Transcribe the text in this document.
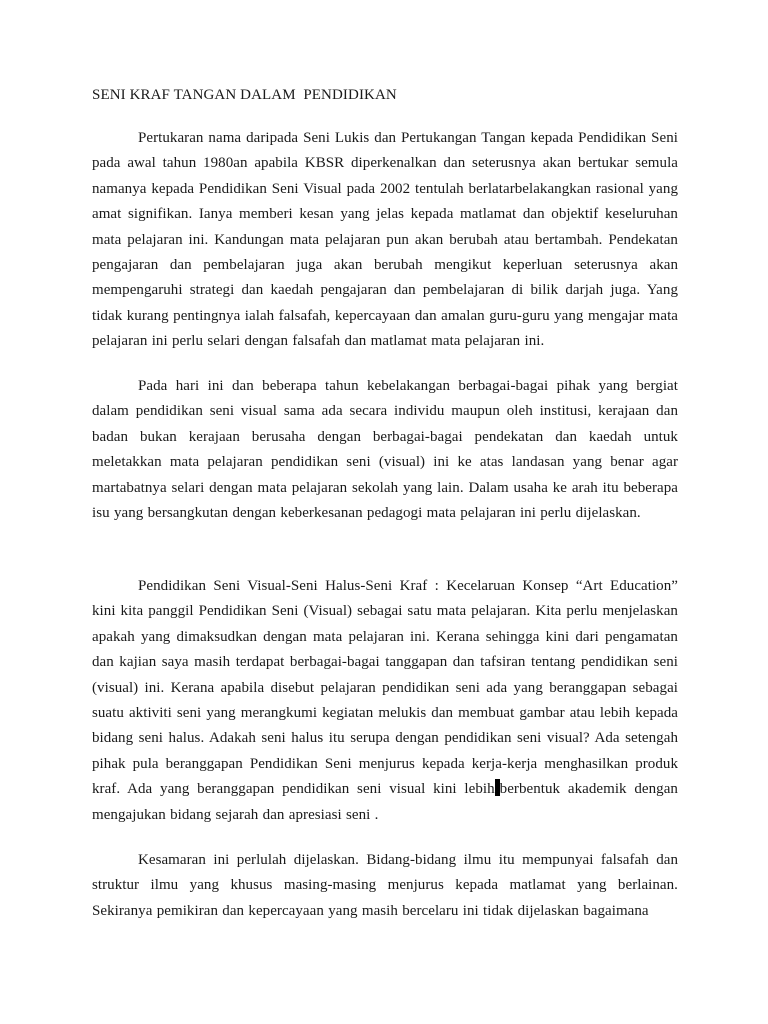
SENI KRAF TANGAN DALAM  PENDIDIKAN

Pertukaran nama daripada Seni Lukis dan Pertukangan Tangan kepada Pendidikan Seni pada awal tahun 1980an apabila KBSR diperkenalkan dan seterusnya akan bertukar semula namanya kepada Pendidikan Seni Visual pada 2002 tentulah berlatarbelakangkan rasional yang amat signifikan. Ianya memberi kesan yang jelas kepada matlamat dan objektif keseluruhan mata pelajaran ini. Kandungan mata pelajaran pun akan berubah atau bertambah. Pendekatan pengajaran dan pembelajaran juga akan berubah mengikut keperluan seterusnya akan mempengaruhi strategi dan kaedah pengajaran dan pembelajaran di bilik darjah juga. Yang tidak kurang pentingnya ialah falsafah, kepercayaan dan amalan guru-guru yang mengajar mata pelajaran ini perlu selari dengan falsafah dan matlamat mata pelajaran ini.

Pada hari ini dan beberapa tahun kebelakangan berbagai-bagai pihak yang bergiat dalam pendidikan seni visual sama ada secara individu maupun oleh institusi, kerajaan dan badan bukan kerajaan berusaha dengan berbagai-bagai pendekatan dan kaedah untuk meletakkan mata pelajaran pendidikan seni (visual) ini ke atas landasan yang benar agar martabatnya selari dengan mata pelajaran sekolah yang lain. Dalam usaha ke arah itu beberapa isu yang bersangkutan dengan keberkesanan pedagogi mata pelajaran ini perlu dijelaskan.

Pendidikan Seni Visual-Seni Halus-Seni Kraf : Kecelaruan Konsep “Art Education” kini kita panggil Pendidikan Seni (Visual) sebagai satu mata pelajaran. Kita perlu menjelaskan apakah yang dimaksudkan dengan mata pelajaran ini. Kerana sehingga kini dari pengamatan dan kajian saya masih terdapat berbagai-bagai tanggapan dan tafsiran tentang pendidikan seni (visual) ini. Kerana apabila disebut pelajaran pendidikan seni ada yang beranggapan sebagai suatu aktiviti seni yang merangkumi kegiatan melukis dan membuat gambar atau lebih kepada bidang seni halus. Adakah seni halus itu serupa dengan pendidikan seni visual? Ada setengah pihak pula beranggapan Pendidikan Seni menjurus kepada kerja-kerja menghasilkan produk kraf. Ada yang beranggapan pendidikan seni visual kini lebih berbentuk akademik dengan mengajukan bidang sejarah dan apresiasi seni .

Kesamaran ini perlulah dijelaskan. Bidang-bidang ilmu itu mempunyai falsafah dan struktur ilmu yang khusus masing-masing menjurus kepada matlamat yang berlainan. Sekiranya pemikiran dan kepercayaan yang masih bercelaru ini tidak dijelaskan bagaimana
